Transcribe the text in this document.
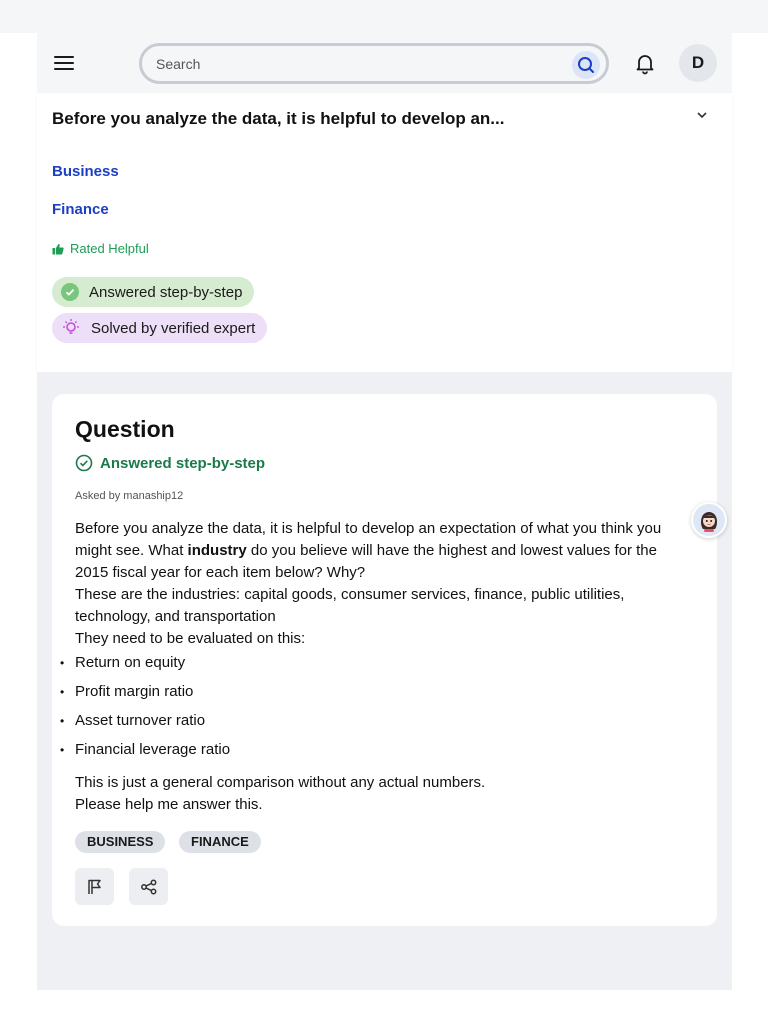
Search
D
Before you analyze the data, it is helpful to develop an...
Business
Finance
Rated Helpful
Answered step-by-step
Solved by verified expert
Question
Answered step-by-step
Asked by manaship12
Before you analyze the data, it is helpful to develop an expectation of what you think you might see. What industry do you believe will have the highest and lowest values for the 2015 fiscal year for each item below? Why?
These are the industries: capital goods, consumer services, finance, public utilities, technology, and transportation
They need to be evaluated on this:
• Return on equity
• Profit margin ratio
• Asset turnover ratio
• Financial leverage ratio
This is just a general comparison without any actual numbers.
Please help me answer this.
BUSINESS	FINANCE
